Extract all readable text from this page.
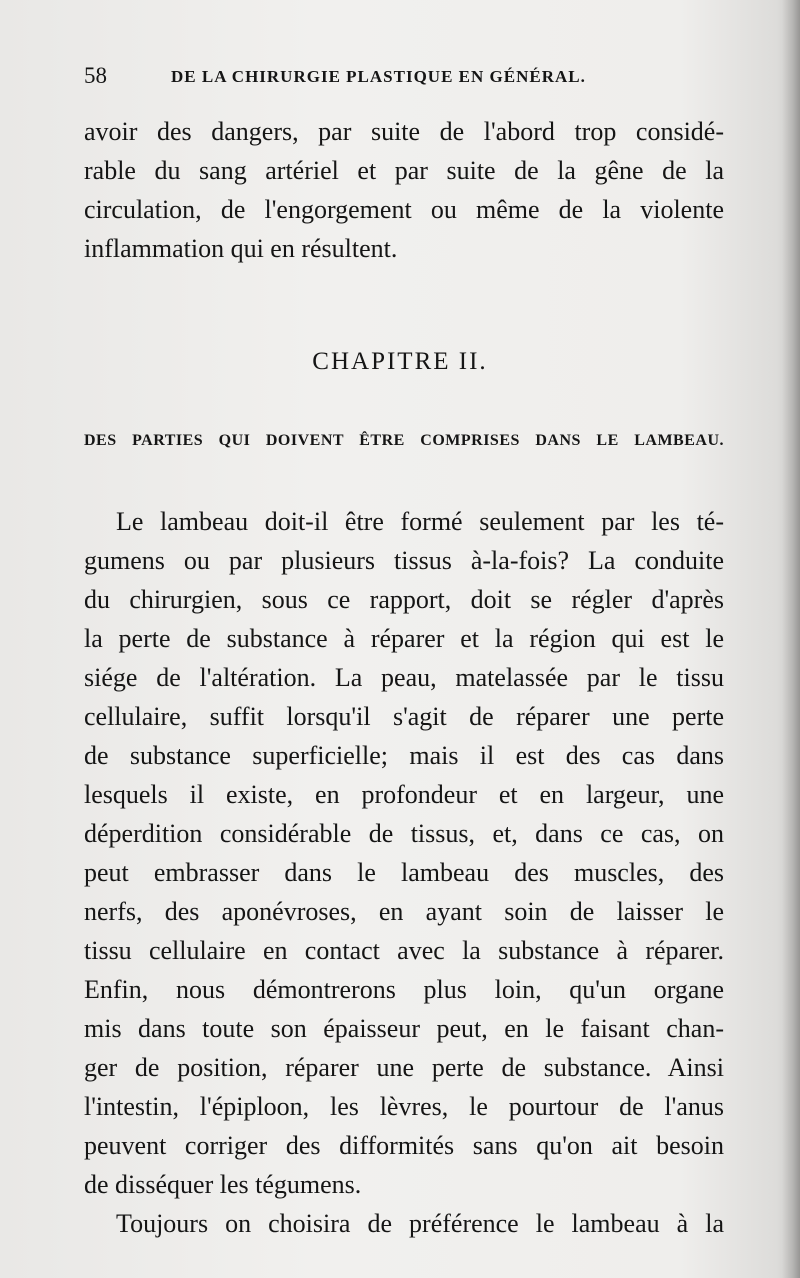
58	DE LA CHIRURGIE PLASTIQUE EN GÉNÉRAL.
avoir des dangers, par suite de l'abord trop considé-
rable du sang artériel et par suite de la gêne de la
circulation, de l'engorgement ou même de la violente
inflammation qui en résultent.
CHAPITRE II.
DES PARTIES QUI DOIVENT ÊTRE COMPRISES DANS LE LAMBEAU.
Le lambeau doit-il être formé seulement par les té-
gumens ou par plusieurs tissus à-la-fois? La conduite
du chirurgien, sous ce rapport, doit se régler d'après
la perte de substance à réparer et la région qui est le
siége de l'altération. La peau, matelassée par le tissu
cellulaire, suffit lorsqu'il s'agit de réparer une perte
de substance superficielle; mais il est des cas dans
lesquels il existe, en profondeur et en largeur, une
déperdition considérable de tissus, et, dans ce cas, on
peut embrasser dans le lambeau des muscles, des
nerfs, des aponévroses, en ayant soin de laisser le
tissu cellulaire en contact avec la substance à réparer.
Enfin, nous démontrerons plus loin, qu'un organe
mis dans toute son épaisseur peut, en le faisant chan-
ger de position, réparer une perte de substance. Ainsi
l'intestin, l'épiploon, les lèvres, le pourtour de l'anus
peuvent corriger des difformités sans qu'on ait besoin
de disséquer les tégumens.
Toujours on choisira de préférence le lambeau à la
